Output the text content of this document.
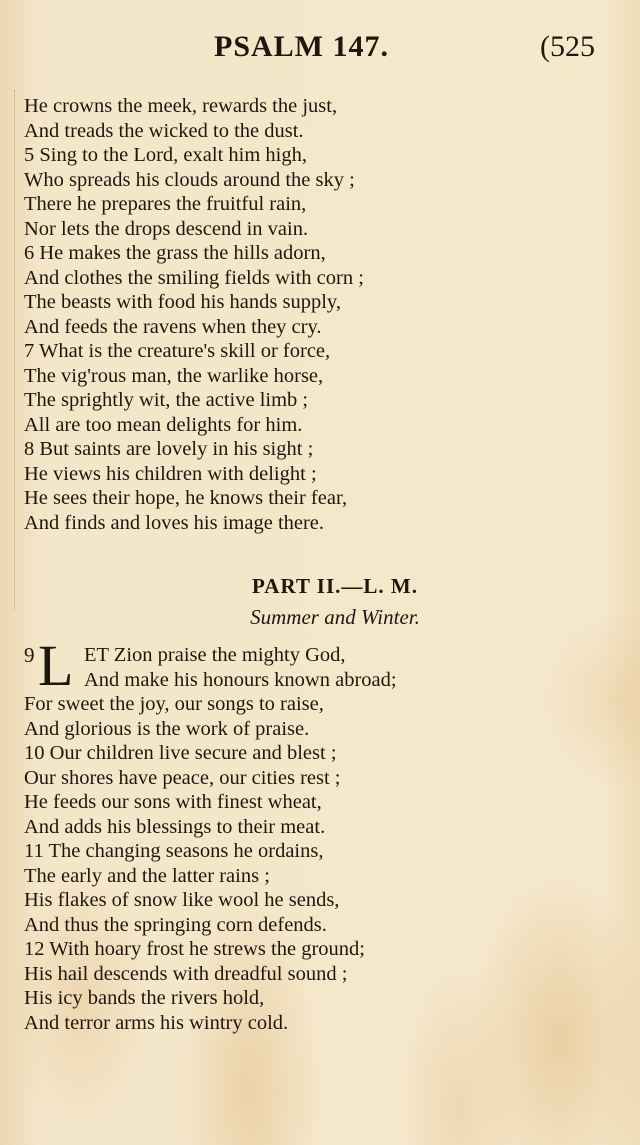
PSALM 147.	(525
He crowns the meek, rewards the just,
And treads the wicked to the dust.
5 Sing to the Lord, exalt him high,
Who spreads his clouds around the sky ;
There he prepares the fruitful rain,
Nor lets the drops descend in vain.
6 He makes the grass the hills adorn,
And clothes the smiling fields with corn ;
The beasts with food his hands supply,
And feeds the ravens when they cry.
7 What is the creature's skill or force,
The vig'rous man, the warlike horse,
The sprightly wit, the active limb ;
All are too mean delights for him.
8 But saints are lovely in his sight ;
He views his children with delight ;
He sees their hope, he knows their fear,
And finds and loves his image there.
PART II.—L. M.
Summer and Winter.
9 L ET Zion praise the mighty God,
And make his honours known abroad;
For sweet the joy, our songs to raise,
And glorious is the work of praise.
10 Our children live secure and blest ;
Our shores have peace, our cities rest ;
He feeds our sons with finest wheat,
And adds his blessings to their meat.
11 The changing seasons he ordains,
The early and the latter rains ;
His flakes of snow like wool he sends,
And thus the springing corn defends.
12 With hoary frost he strews the ground;
His hail descends with dreadful sound ;
His icy bands the rivers hold,
And terror arms his wintry cold.
